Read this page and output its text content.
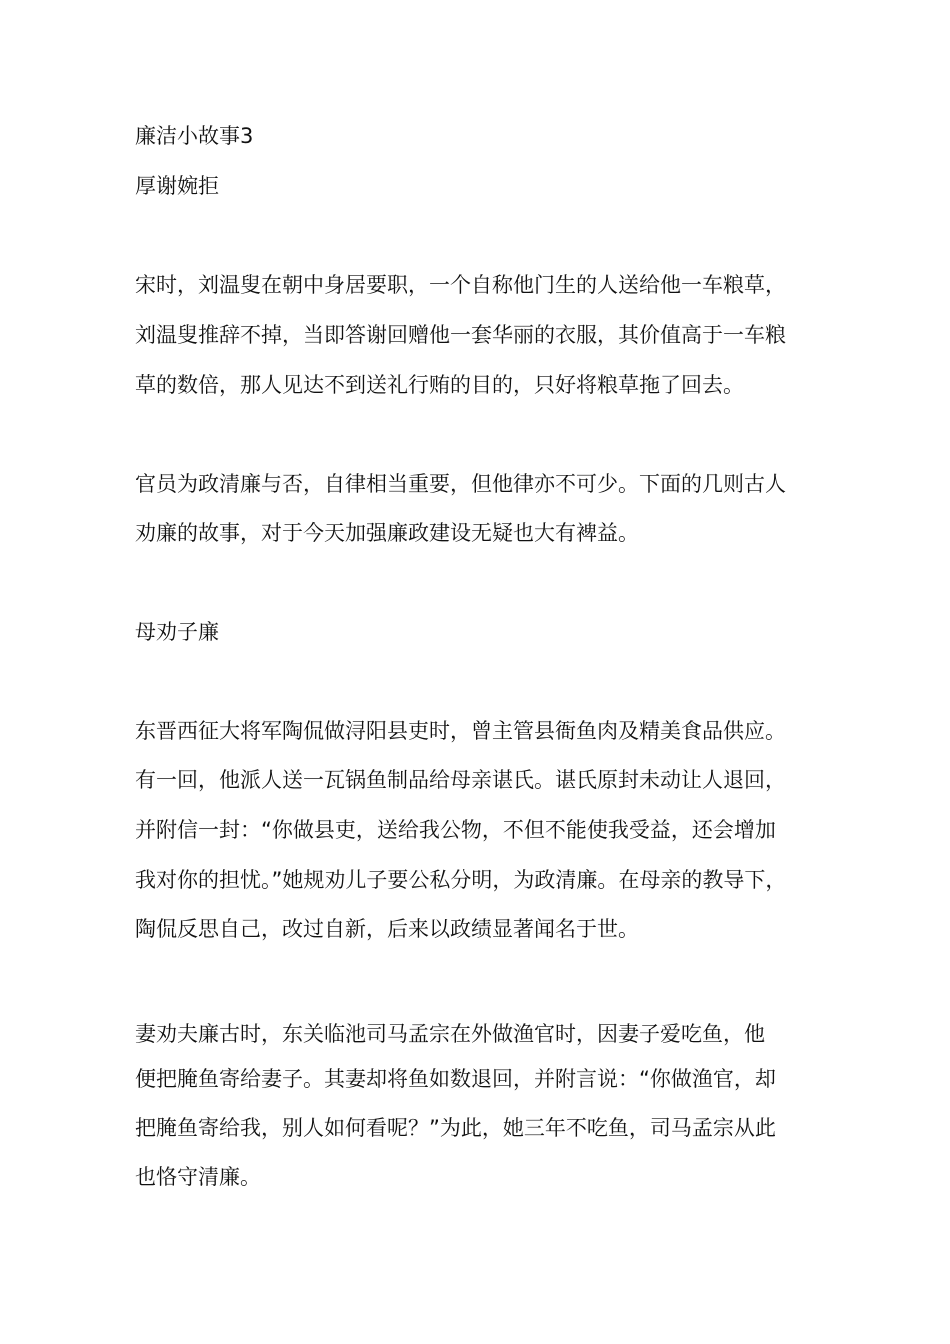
廉洁小故事3
厚谢婉拒
宋时，刘温叟在朝中身居要职，一个自称他门生的人送给他一车粮草，
刘温叟推辞不掉，当即答谢回赠他一套华丽的衣服，其价值高于一车粮
草的数倍，那人见达不到送礼行贿的目的，只好将粮草拖了回去。
官员为政清廉与否，自律相当重要，但他律亦不可少。下面的几则古人
劝廉的故事，对于今天加强廉政建设无疑也大有裨益。
母劝子廉
东晋西征大将军陶侃做浔阳县吏时，曾主管县衙鱼肉及精美食品供应。
有一回，他派人送一瓦锅鱼制品给母亲谌氏。谌氏原封未动让人退回，
并附信一封：“你做县吏，送给我公物，不但不能使我受益，还会增加
我对你的担忧。”她规劝儿子要公私分明，为政清廉。在母亲的教导下，
陶侃反思自己，改过自新，后来以政绩显著闻名于世。
妻劝夫廉古时，东关临池司马孟宗在外做渔官时，因妻子爱吃鱼，他
便把腌鱼寄给妻子。其妻却将鱼如数退回，并附言说：“你做渔官，却
把腌鱼寄给我，别人如何看呢？”为此，她三年不吃鱼，司马孟宗从此
也恪守清廉。
